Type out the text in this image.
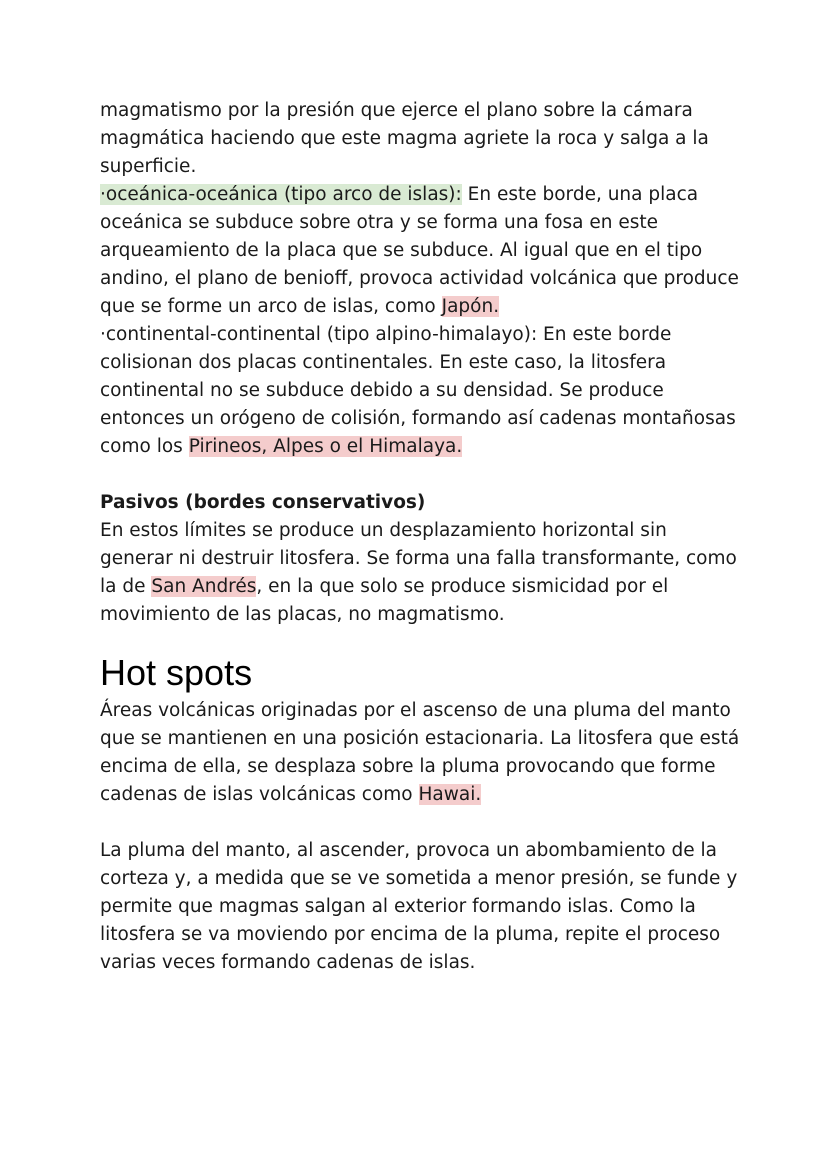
magmatismo por la presión que ejerce el plano sobre la cámara magmática haciendo que este magma agriete la roca y salga a la superficie.

·oceánica-oceánica (tipo arco de islas): En este borde, una placa oceánica se subduce sobre otra y se forma una fosa en este arqueamiento de la placa que se subduce. Al igual que en el tipo andino, el plano de benioff, provoca actividad volcánica que produce que se forme un arco de islas, como Japón.

·continental-continental (tipo alpino-himalayo): En este borde colisionan dos placas continentales. En este caso, la litosfera continental no se subduce debido a su densidad. Se produce entonces un orógeno de colisión, formando así cadenas montañosas como los Pirineos, Alpes o el Himalaya.

Pasivos (bordes conservativos)

En estos límites se produce un desplazamiento horizontal sin generar ni destruir litosfera. Se forma una falla transformante, como la de San Andrés, en la que solo se produce sismicidad por el movimiento de las placas, no magmatismo.

Hot spots

Áreas volcánicas originadas por el ascenso de una pluma del manto que se mantienen en una posición estacionaria. La litosfera que está encima de ella, se desplaza sobre la pluma provocando que forme cadenas de islas volcánicas como Hawai.

La pluma del manto, al ascender, provoca un abombamiento de la corteza y, a medida que se ve sometida a menor presión, se funde y permite que magmas salgan al exterior formando islas. Como la litosfera se va moviendo por encima de la pluma, repite el proceso varias veces formando cadenas de islas.
